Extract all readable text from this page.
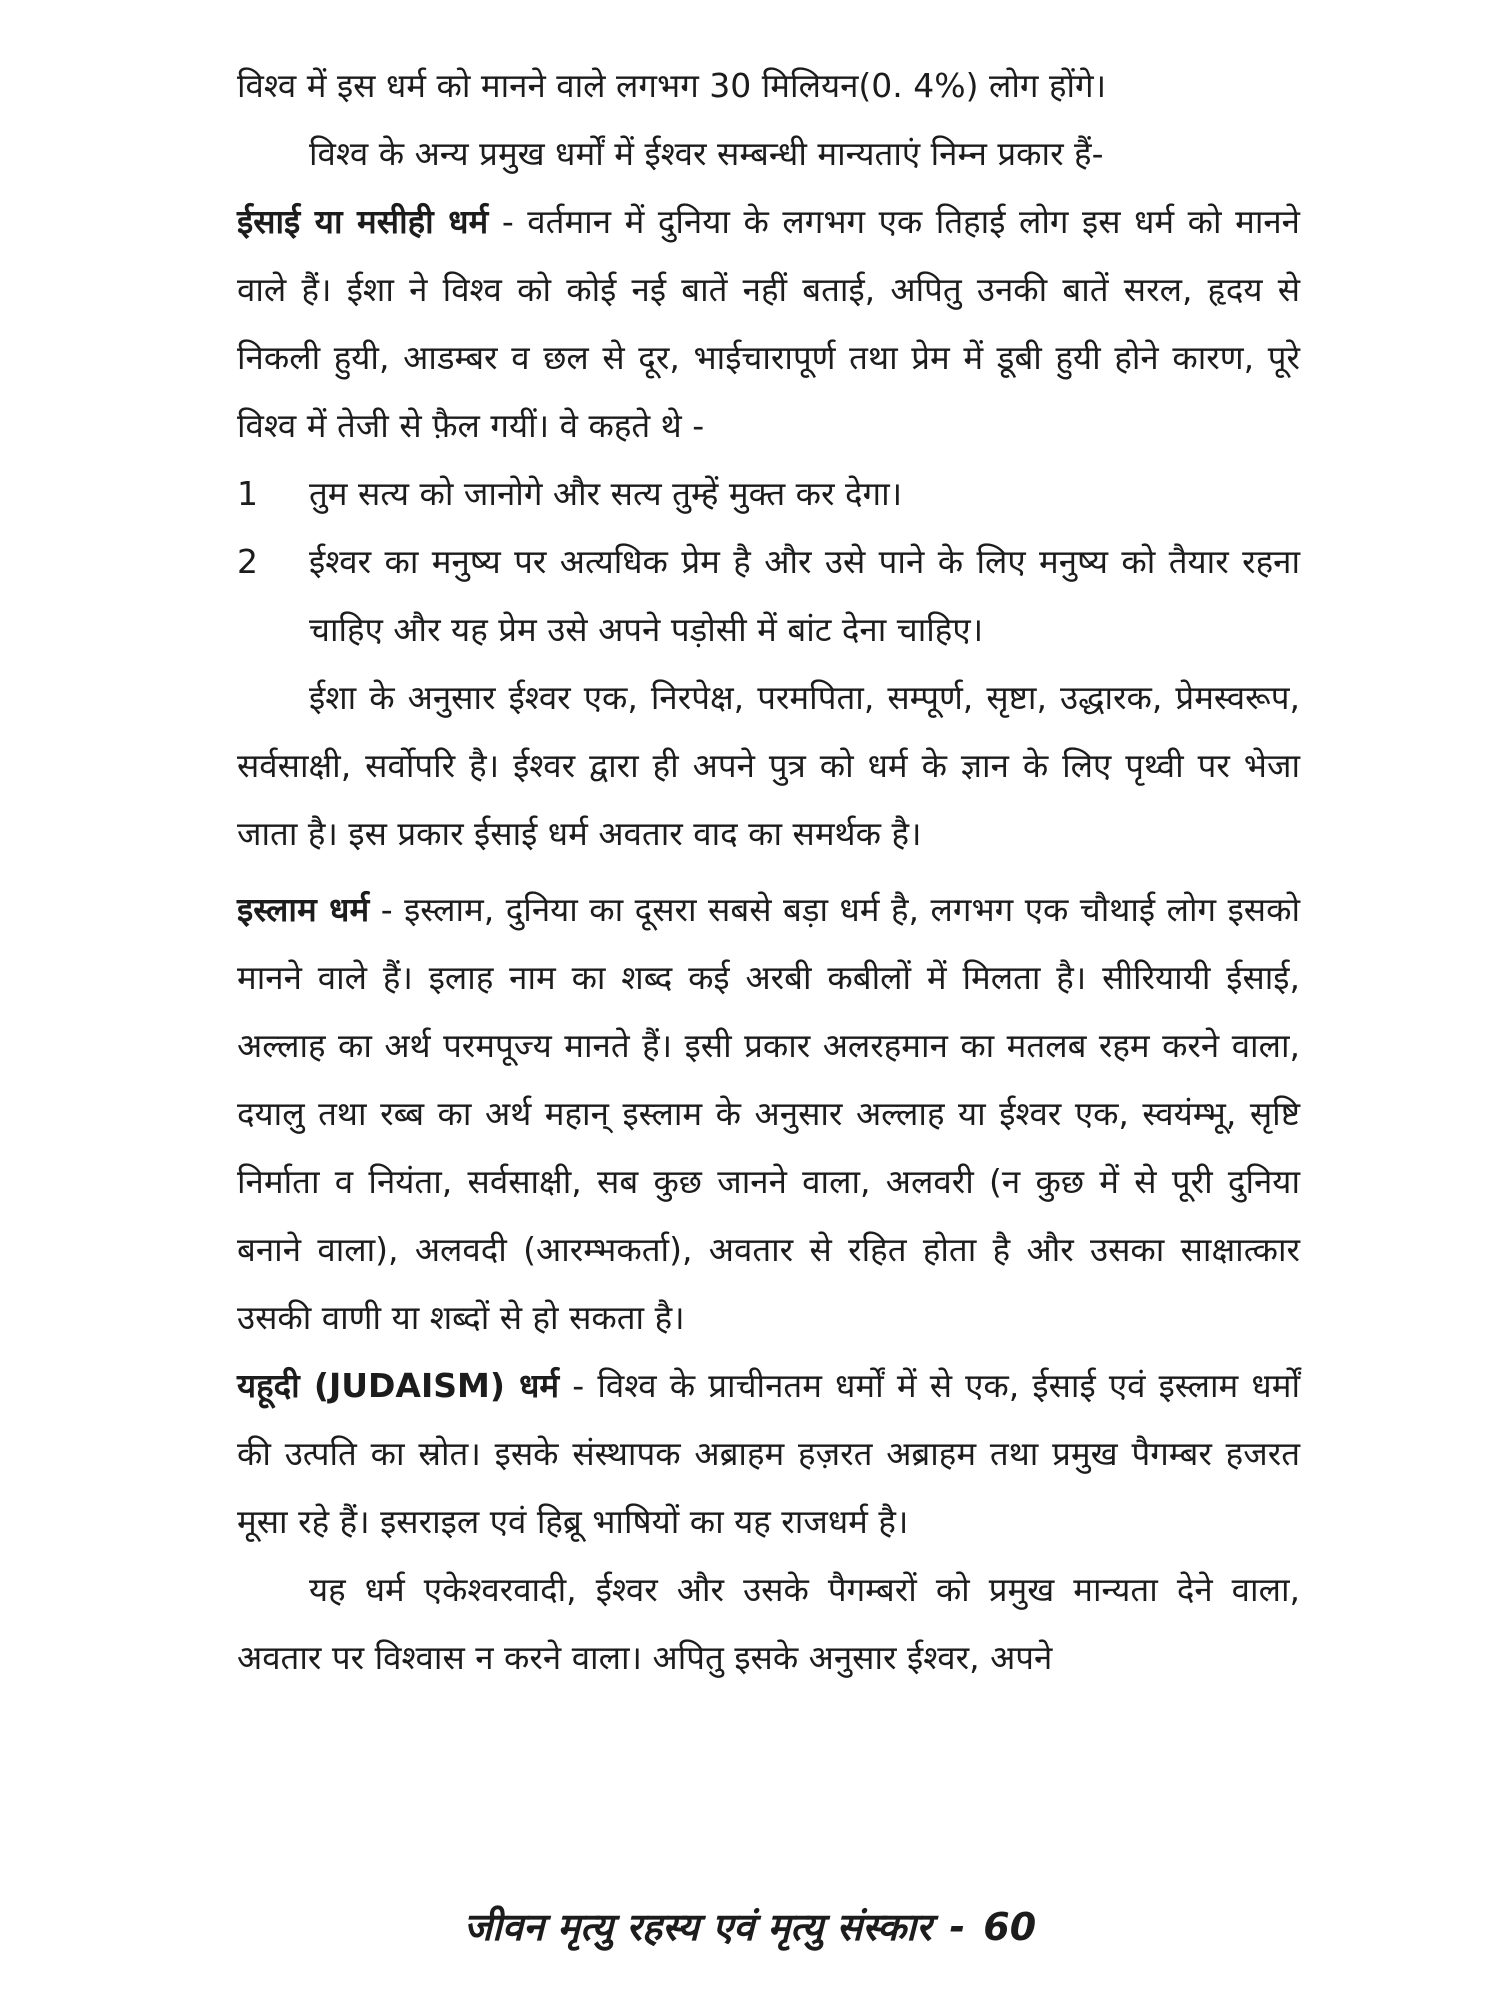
विश्व में इस धर्म को मानने वाले लगभग 30 मिलियन(0. 4%) लोग होंगे।

विश्व के अन्य प्रमुख धर्मों में ईश्वर सम्बन्धी मान्यताएं निम्न प्रकार हैं-

ईसाई या मसीही धर्म - वर्तमान में दुनिया के लगभग एक तिहाई लोग इस धर्म को मानने वाले हैं। ईशा ने विश्व को कोई नई बातें नहीं बताई, अपितु उनकी बातें सरल, हृदय से निकली हुयी, आडम्बर व छल से दूर, भाईचारापूर्ण तथा प्रेम में डूबी हुयी होने कारण, पूरे विश्व में तेजी से फ़ैल गयीं। वे कहते थे -

1	तुम सत्य को जानोगे और सत्य तुम्हें मुक्त कर देगा।
2	ईश्वर का मनुष्य पर अत्यधिक प्रेम है और उसे पाने के लिए मनुष्य को तैयार रहना चाहिए और यह प्रेम उसे अपने पड़ोसी में बांट देना चाहिए।

ईशा के अनुसार ईश्वर एक, निरपेक्ष, परमपिता, सम्पूर्ण, सृष्टा, उद्धारक, प्रेमस्वरूप, सर्वसाक्षी, सर्वोपरि है। ईश्वर द्वारा ही अपने पुत्र को धर्म के ज्ञान के लिए पृथ्वी पर भेजा जाता है। इस प्रकार ईसाई धर्म अवतार वाद का समर्थक है।

इस्लाम धर्म - इस्लाम, दुनिया का दूसरा सबसे बड़ा धर्म है, लगभग एक चौथाई लोग इसको मानने वाले हैं। इलाह नाम का शब्द कई अरबी कबीलों में मिलता है। सीरियायी ईसाई, अल्लाह का अर्थ परमपूज्य मानते हैं। इसी प्रकार अलरहमान का मतलब रहम करने वाला, दयालु तथा रब्ब का अर्थ महान् इस्लाम के अनुसार अल्लाह या ईश्वर एक, स्वयंम्भू, सृष्टि निर्माता व नियंता, सर्वसाक्षी, सब कुछ जानने वाला, अलवरी (न कुछ में से पूरी दुनिया बनाने वाला), अलवदी (आरम्भकर्ता), अवतार से रहित होता है और उसका साक्षात्कार उसकी वाणी या शब्दों से हो सकता है।

यहूदी (JUDAISM) धर्म - विश्व के प्राचीनतम धर्मों में से एक, ईसाई एवं इस्लाम धर्मों की उत्पति का स्रोत। इसके संस्थापक अब्राहम हज़रत अब्राहम तथा प्रमुख पैगम्बर हजरत मूसा रहे हैं। इसराइल एवं हिब्रू भाषियों का यह राजधर्म है।

यह धर्म एकेश्वरवादी, ईश्वर और उसके पैगम्बरों को प्रमुख मान्यता देने वाला, अवतार पर विश्वास न करने वाला। अपितु इसके अनुसार ईश्वर, अपने

जीवन मृत्यु रहस्य एवं मृत्यु संस्कार - 60
